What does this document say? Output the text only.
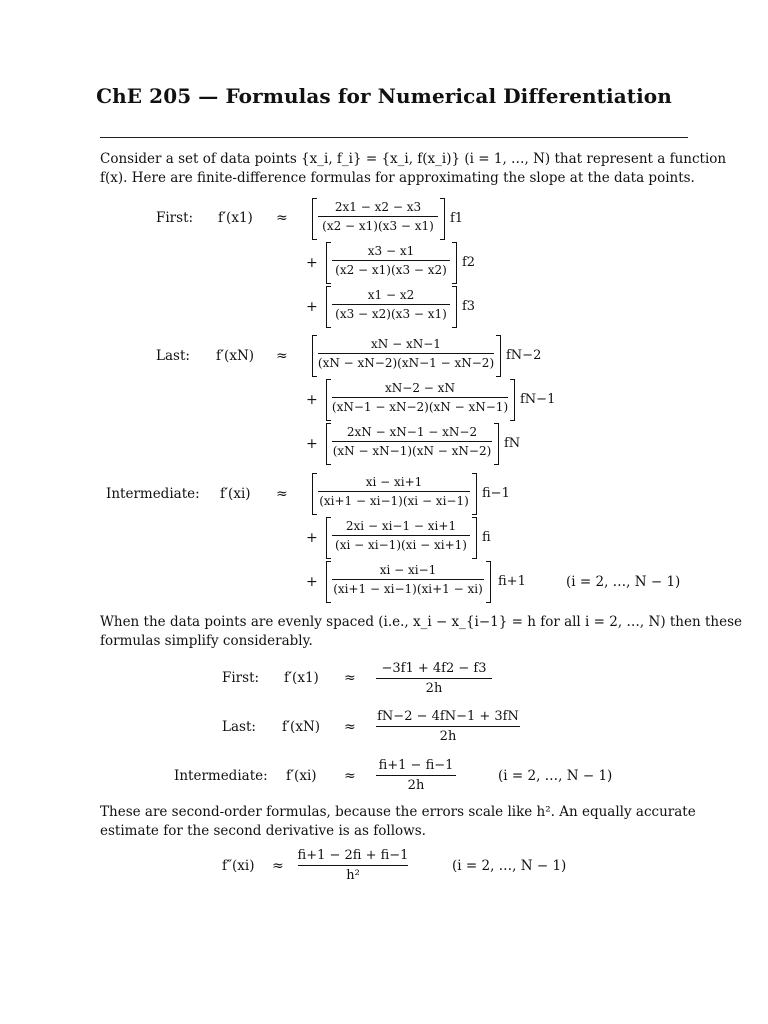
ChE 205 — Formulas for Numerical Differentiation
Consider a set of data points {x_i, f_i} = {x_i, f(x_i)} (i = 1, …, N) that represent a function
f(x). Here are finite-difference formulas for approximating the slope at the data points.
First: f′(x1) ≈
2x1 − x2 − x3
(x2 − x1)(x3 − x1) f1
+
x3 − x1
(x2 − x1)(x3 − x2) f2
+
x1 − x2
(x3 − x2)(x3 − x1) f3
Last: f′(xN) ≈
xN − xN−1
(xN − xN−2)(xN−1 − xN−2) fN−2
+
xN−2 − xN
(xN−1 − xN−2)(xN − xN−1) fN−1
+
2xN − xN−1 − xN−2
(xN − xN−1)(xN − xN−2) fN
Intermediate: f′(xi) ≈
xi − xi+1
(xi+1 − xi−1)(xi − xi−1) fi−1
+
2xi − xi−1 − xi+1
(xi − xi−1)(xi − xi+1) fi
+
xi − xi−1
(xi+1 − xi−1)(xi+1 − xi) fi+1	(i = 2, …, N − 1)
When the data points are evenly spaced (i.e., x_i − x_{i−1} = h for all i = 2, …, N) then these
formulas simplify considerably.
First: f′(x1) ≈
−3f1 + 4f2 − f3
2h
Last: f′(xN) ≈
fN−2 − 4fN−1 + 3fN
2h
Intermediate: f′(xi) ≈
fi+1 − fi−1
2h
(i = 2, …, N − 1)
These are second-order formulas, because the errors scale like h². An equally accurate
estimate for the second derivative is as follows.
f″(xi) ≈
fi+1 − 2fi + fi−1
h²
(i = 2, …, N − 1)
